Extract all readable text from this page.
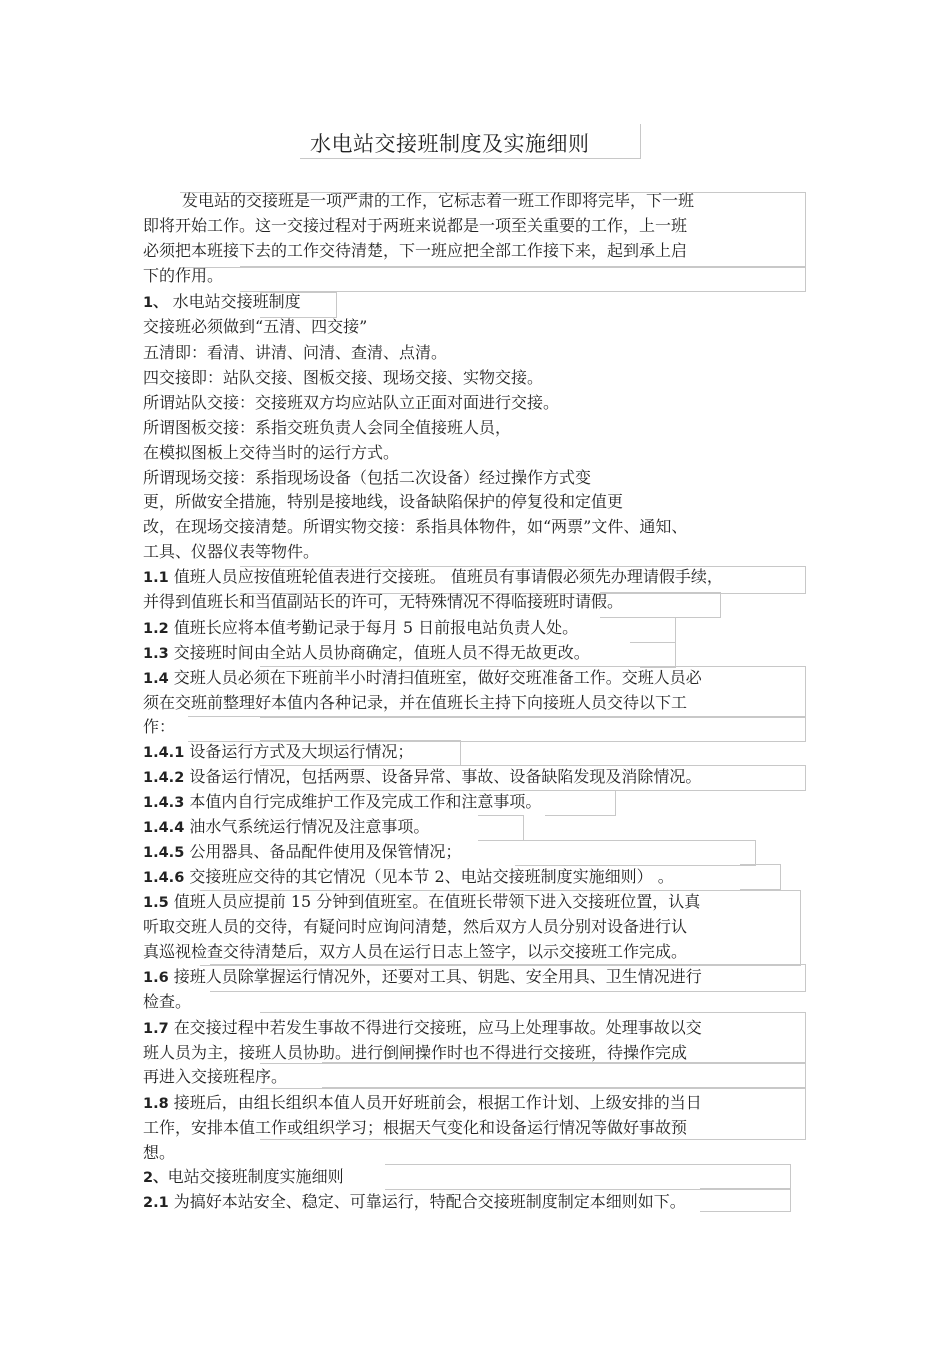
水电站交接班制度及实施细则
发电站的交接班是一项严肃的工作，它标志着一班工作即将完毕，下一班
即将开始工作。这一交接过程对于两班来说都是一项至关重要的工作，上一班
必须把本班接下去的工作交待清楚，下一班应把全部工作接下来，起到承上启
下的作用。
1、 水电站交接班制度
交接班必须做到“五清、四交接”
五清即：看清、讲清、问清、查清、点清。
四交接即：站队交接、图板交接、现场交接、实物交接。
所谓站队交接：交接班双方均应站队立正面对面进行交接。
所谓图板交接：系指交班负责人会同全值接班人员，
在模拟图板上交待当时的运行方式。
所谓现场交接：系指现场设备（包括二次设备）经过操作方式变
更，所做安全措施，特别是接地线，设备缺陷保护的停复役和定值更
改，在现场交接清楚。所谓实物交接：系指具体物件，如“两票”文件、通知、
工具、仪器仪表等物件。
1.1 值班人员应按值班轮值表进行交接班。 值班员有事请假必须先办理请假手续，
并得到值班长和当值副站长的许可，无特殊情况不得临接班时请假。
1.2 值班长应将本值考勤记录于每月 5 日前报电站负责人处。
1.3 交接班时间由全站人员协商确定，值班人员不得无故更改。
1.4 交班人员必须在下班前半小时清扫值班室，做好交班准备工作。交班人员必
须在交班前整理好本值内各种记录，并在值班长主持下向接班人员交待以下工
作：
1.4.1 设备运行方式及大坝运行情况；
1.4.2 设备运行情况，包括两票、设备异常、事故、设备缺陷发现及消除情况。
1.4.3 本值内自行完成维护工作及完成工作和注意事项。
1.4.4 油水气系统运行情况及注意事项。
1.4.5 公用器具、备品配件使用及保管情况；
1.4.6 交接班应交待的其它情况（见本节 2、电站交接班制度实施细则） 。
1.5 值班人员应提前 15 分钟到值班室。在值班长带领下进入交接班位置，认真
听取交班人员的交待，有疑问时应询问清楚，然后双方人员分别对设备进行认
真巡视检查交待清楚后，双方人员在运行日志上签字，以示交接班工作完成。
1.6 接班人员除掌握运行情况外，还要对工具、钥匙、安全用具、卫生情况进行
检查。
1.7 在交接过程中若发生事故不得进行交接班，应马上处理事故。处理事故以交
班人员为主，接班人员协助。进行倒闸操作时也不得进行交接班，待操作完成
再进入交接班程序。
1.8 接班后，由组长组织本值人员开好班前会，根据工作计划、上级安排的当日
工作，安排本值工作或组织学习；根据天气变化和设备运行情况等做好事故预
想。
2、电站交接班制度实施细则
2.1 为搞好本站安全、稳定、可靠运行，特配合交接班制度制定本细则如下。
